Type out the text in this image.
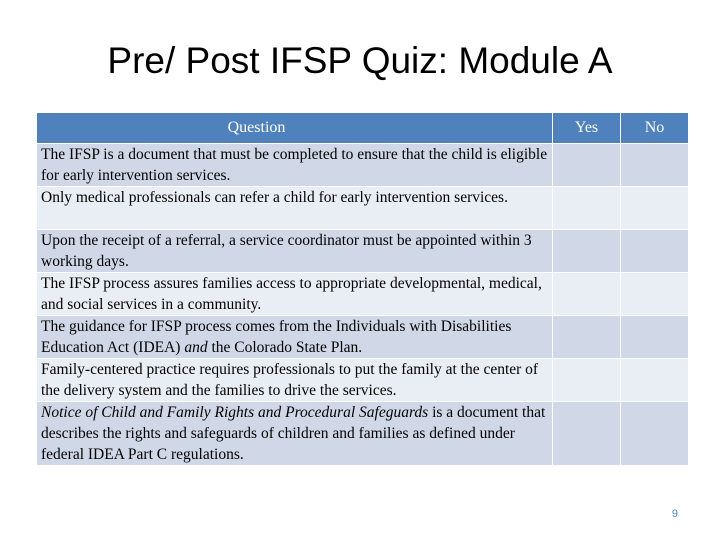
Pre/ Post IFSP Quiz: Module A
Question	Yes	No
The IFSP is a document that must be completed to ensure that the child is eligible for early intervention services.		
Only medical professionals can refer a child for early intervention services.		
Upon the receipt of a referral, a service coordinator must be appointed within 3 working days.		
The IFSP process assures families access to appropriate developmental, medical, and social services in a community.		
The guidance for IFSP process comes from the Individuals with Disabilities Education Act (IDEA) and the Colorado State Plan.		
Family-centered practice requires professionals to put the family at the center of the delivery system and the families to drive the services.		
Notice of Child and Family Rights and Procedural Safeguards is a document that describes the rights and safeguards of children and families as defined under federal IDEA Part C regulations.		
9
